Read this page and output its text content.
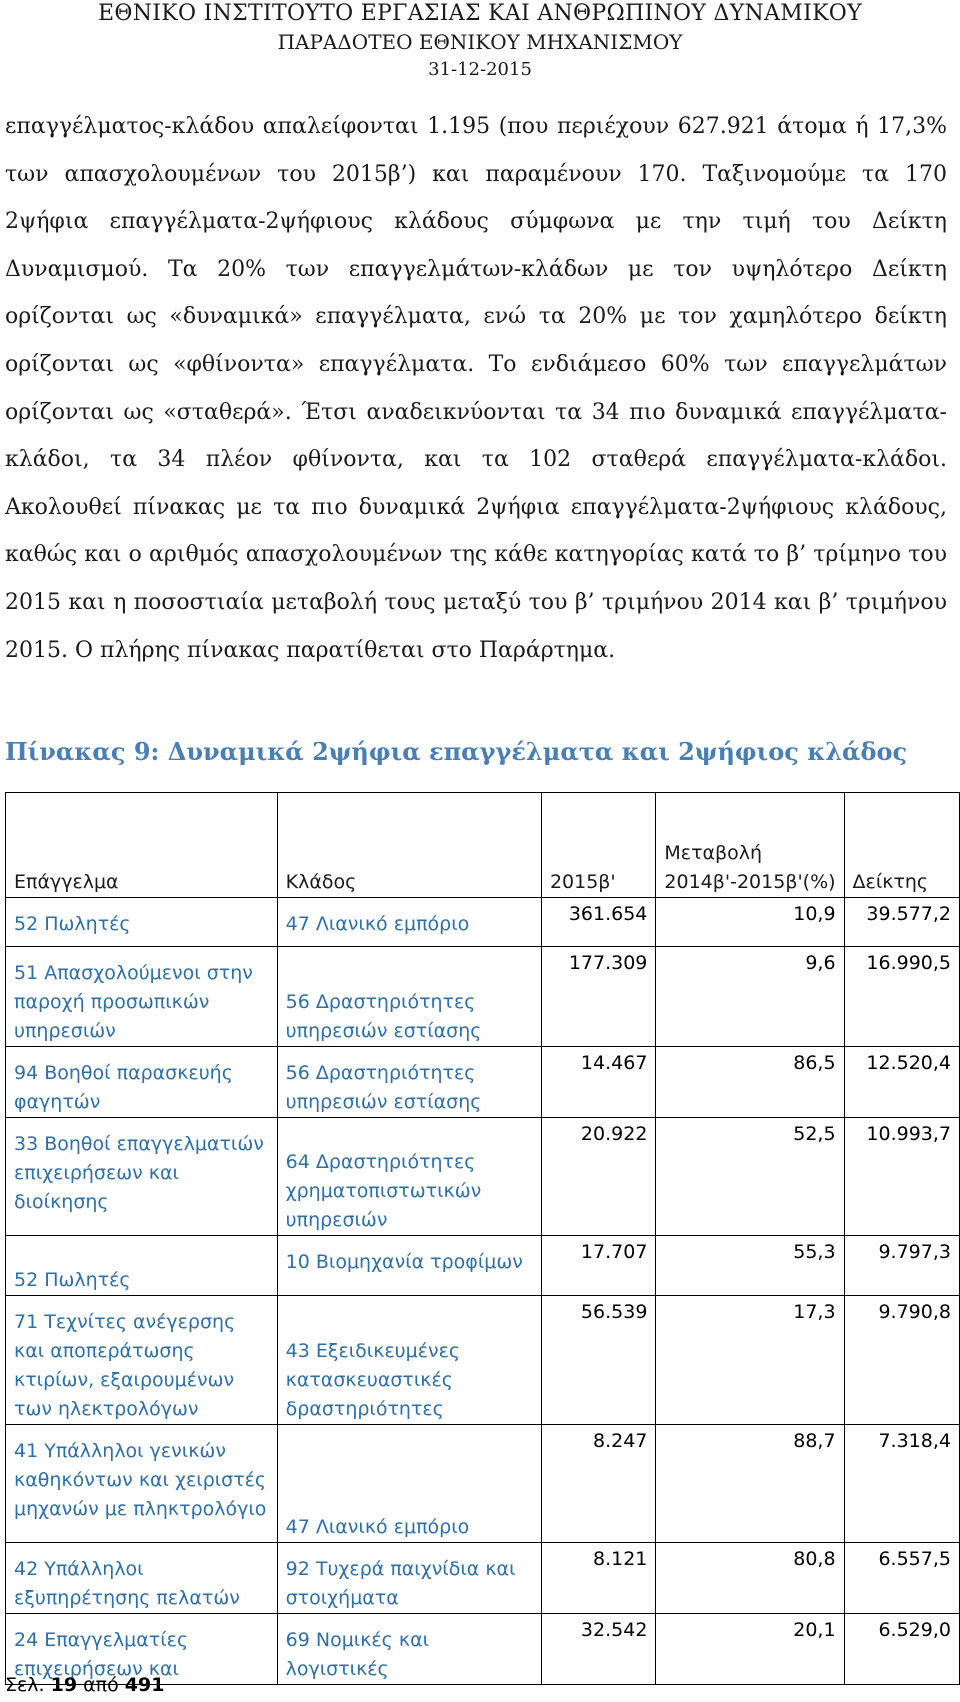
ΕΘΝΙΚΟ ΙΝΣΤΙΤΟΥΤΟ ΕΡΓΑΣΙΑΣ ΚΑΙ ΑΝΘΡΩΠΙΝΟΥ ΔΥΝΑΜΙΚΟΥ
ΠΑΡΑΔΟΤΕΟ ΕΘΝΙΚΟΥ ΜΗΧΑΝΙΣΜΟΥ
31-12-2015

επαγγέλματος-κλάδου απαλείφονται 1.195 (που περιέχουν 627.921 άτομα ή 17,3% των απασχολουμένων του 2015β’) και παραμένουν 170. Ταξινομούμε τα 170 2ψήφια επαγγέλματα-2ψήφιους κλάδους σύμφωνα με την τιμή του Δείκτη Δυναμισμού. Τα 20% των επαγγελμάτων-κλάδων με τον υψηλότερο Δείκτη ορίζονται ως «δυναμικά» επαγγέλματα, ενώ τα 20% με τον χαμηλότερο δείκτη ορίζονται ως «φθίνοντα» επαγγέλματα. Το ενδιάμεσο 60% των επαγγελμάτων ορίζονται ως «σταθερά». Έτσι αναδεικνύονται τα 34 πιο δυναμικά επαγγέλματα-κλάδοι, τα 34 πλέον φθίνοντα, και τα 102 σταθερά επαγγέλματα-κλάδοι. Ακολουθεί πίνακας με τα πιο δυναμικά 2ψήφια επαγγέλματα-2ψήφιους κλάδους, καθώς και ο αριθμός απασχολουμένων της κάθε κατηγορίας κατά το β’ τρίμηνο του 2015 και η ποσοστιαία μεταβολή τους μεταξύ του β’ τριμήνου 2014 και β’ τριμήνου 2015. Ο πλήρης πίνακας παρατίθεται στο Παράρτημα.

Πίνακας 9: Δυναμικά 2ψήφια επαγγέλματα και 2ψήφιος κλάδος
Επάγγελμα	Κλάδος	2015β'	Μεταβολή 2014β'-2015β'(%)	Δείκτης
52 Πωλητές	47 Λιανικό εμπόριο	361.654	10,9	39.577,2
51 Απασχολούμενοι στην παροχή προσωπικών υπηρεσιών	56 Δραστηριότητες υπηρεσιών εστίασης	177.309	9,6	16.990,5
94 Βοηθοί παρασκευής φαγητών	56 Δραστηριότητες υπηρεσιών εστίασης	14.467	86,5	12.520,4
33 Βοηθοί επαγγελματιών επιχειρήσεων και διοίκησης	64 Δραστηριότητες χρηματοπιστωτικών υπηρεσιών	20.922	52,5	10.993,7
52 Πωλητές	10 Βιομηχανία τροφίμων	17.707	55,3	9.797,3
71 Τεχνίτες ανέγερσης και αποπεράτωσης κτιρίων, εξαιρουμένων των ηλεκτρολόγων	43 Εξειδικευμένες κατασκευαστικές δραστηριότητες	56.539	17,3	9.790,8
41 Υπάλληλοι γενικών καθηκόντων και χειριστές μηχανών με πληκτρολόγιο	47 Λιανικό εμπόριο	8.247	88,7	7.318,4
42 Υπάλληλοι εξυπηρέτησης πελατών	92 Τυχερά παιχνίδια και στοιχήματα	8.121	80,8	6.557,5
24 Επαγγελματίες επιχειρήσεων και	69 Νομικές και λογιστικές	32.542	20,1	6.529,0
Σελ. 19 από 491
